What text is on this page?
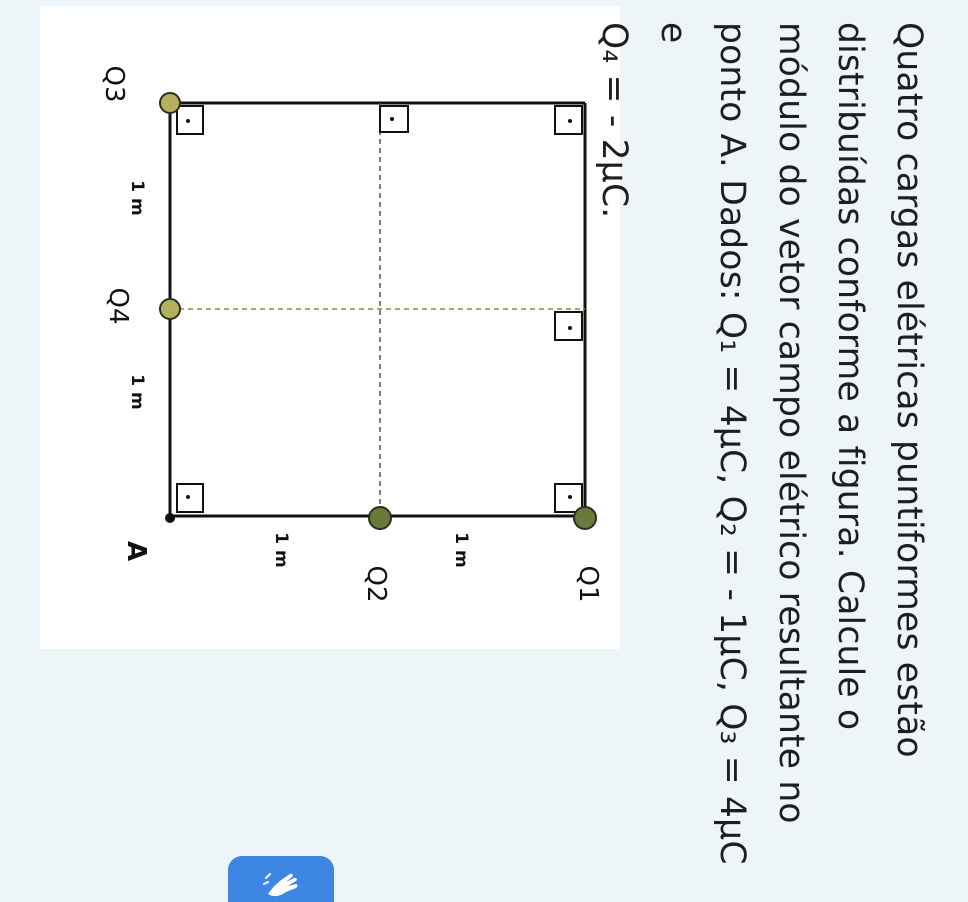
Q1
Q2
Q3
Q4
A	1 m	1 m
1 m
1 m
Quatro cargas elétricas puntiformes estão
distribuídas conforme a figura. Calcule o
módulo do vetor campo elétrico resultante no
ponto A. Dados: Q₁ = 4μC, Q₂ = - 1μC, Q₃ = 4μC e
Q₄ = - 2μC.
